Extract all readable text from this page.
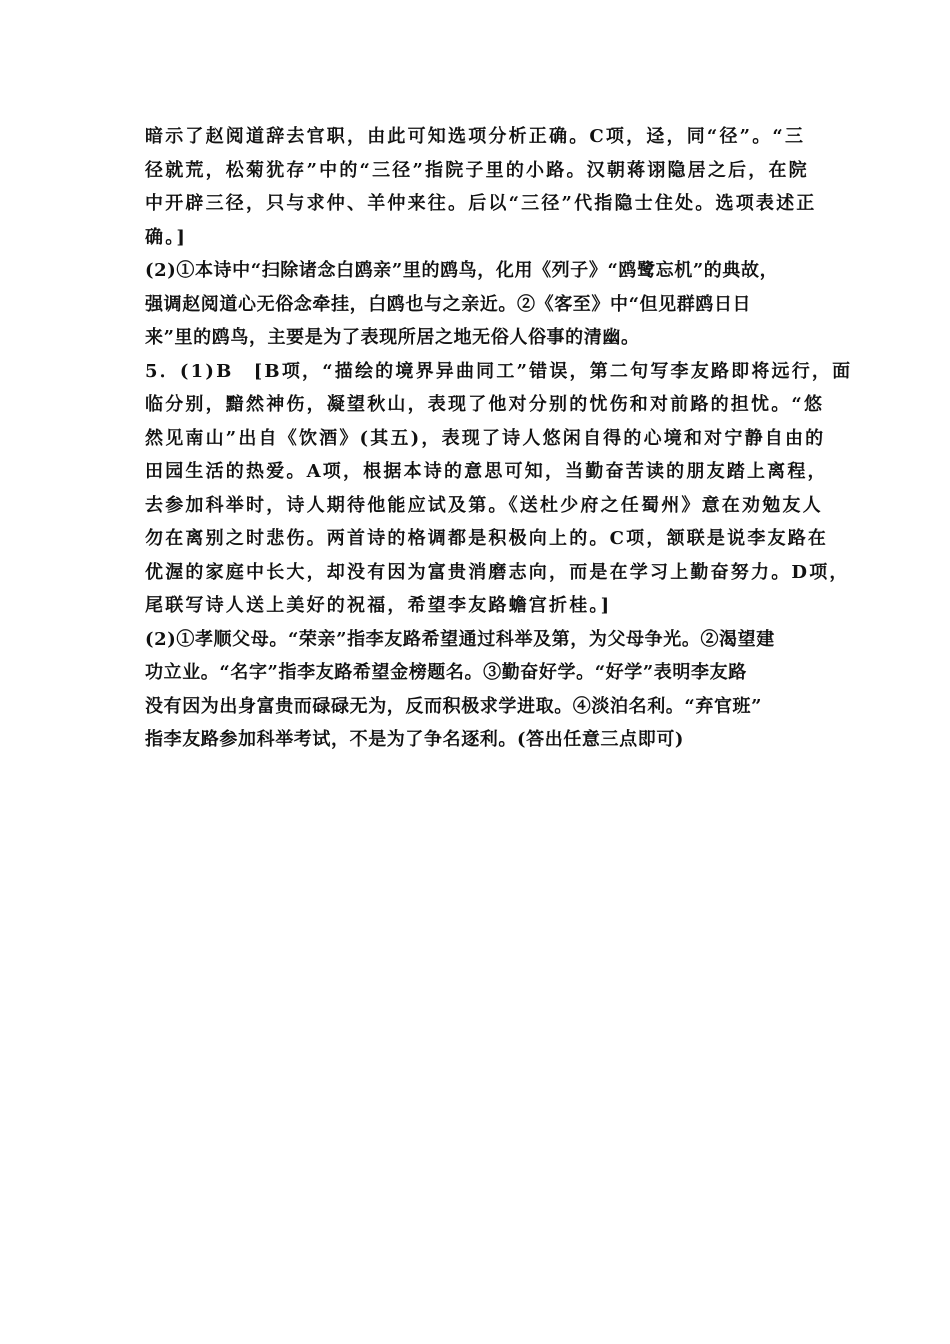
暗示了赵阅道辞去官职，由此可知选项分析正确。C项，迳，同“径”。“三
径就荒，松菊犹存”中的“三径”指院子里的小路。汉朝蒋诩隐居之后，在院
中开辟三径，只与求仲、羊仲来往。后以“三径”代指隐士住处。选项表述正
确。]
(2)①本诗中“扫除诸念白鸥亲”里的鸥鸟，化用《列子》“鸥鹭忘机”的典故，
强调赵阅道心无俗念牵挂，白鸥也与之亲近。②《客至》中“但见群鸥日日
来”里的鸥鸟，主要是为了表现所居之地无俗人俗事的清幽。
5．(1)B　[B项，“描绘的境界异曲同工”错误，第二句写李友路即将远行，面
临分别，黯然神伤，凝望秋山，表现了他对分别的忧伤和对前路的担忧。“悠
然见南山”出自《饮酒》(其五)，表现了诗人悠闲自得的心境和对宁静自由的
田园生活的热爱。A项，根据本诗的意思可知，当勤奋苦读的朋友踏上离程，
去参加科举时，诗人期待他能应试及第。《送杜少府之任蜀州》意在劝勉友人
勿在离别之时悲伤。两首诗的格调都是积极向上的。C项，颔联是说李友路在
优渥的家庭中长大，却没有因为富贵消磨志向，而是在学习上勤奋努力。D项，
尾联写诗人送上美好的祝福，希望李友路蟾宫折桂。]
(2)①孝顺父母。“荣亲”指李友路希望通过科举及第，为父母争光。②渴望建
功立业。“名字”指李友路希望金榜题名。③勤奋好学。“好学”表明李友路
没有因为出身富贵而碌碌无为，反而积极求学进取。④淡泊名利。“弃官班”
指李友路参加科举考试，不是为了争名逐利。(答出任意三点即可)
